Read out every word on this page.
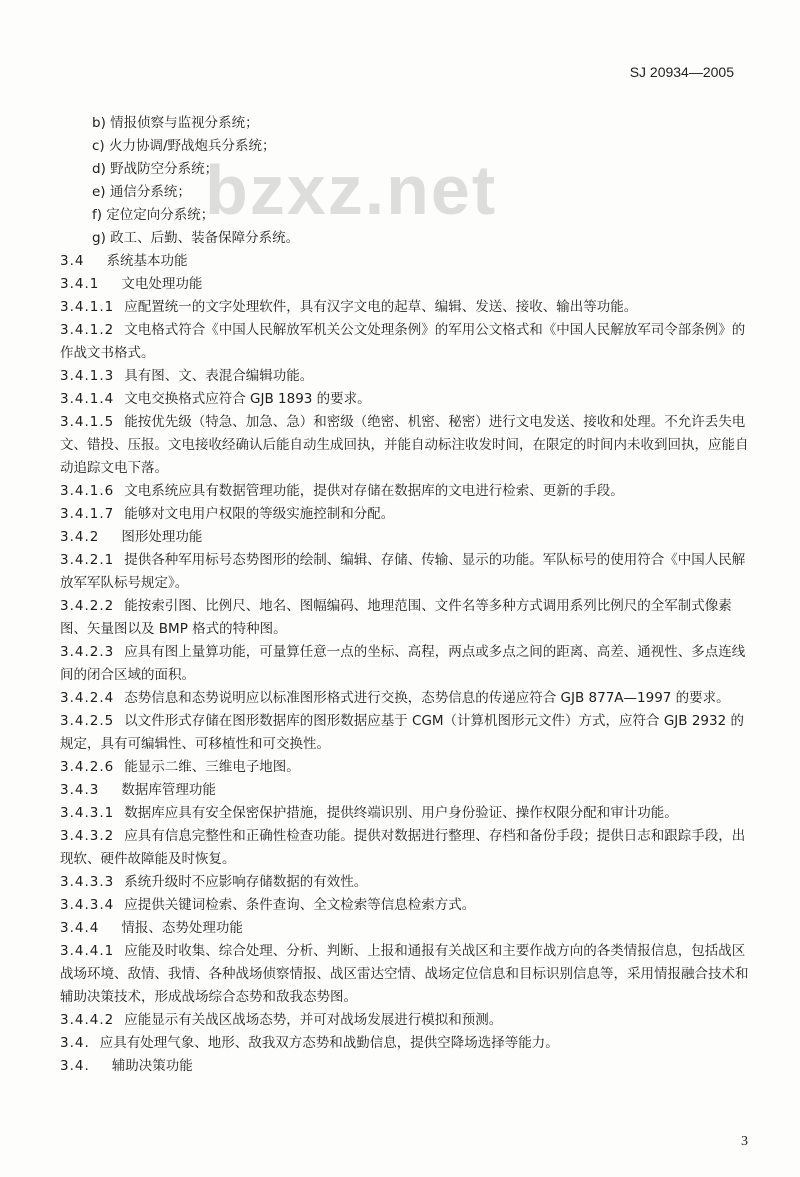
SJ 20934—2005
bzxz.net
b) 情报侦察与监视分系统；
c) 火力协调/野战炮兵分系统；
d) 野战防空分系统；
e) 通信分系统；
f) 定位定向分系统；
g) 政工、后勤、装备保障分系统。
3.4 系统基本功能
3.4.1 文电处理功能
3.4.1.1 应配置统一的文字处理软件，具有汉字文电的起草、编辑、发送、接收、输出等功能。
3.4.1.2 文电格式符合《中国人民解放军机关公文处理条例》的军用公文格式和《中国人民解放军司令部条例》的作战文书格式。
3.4.1.3 具有图、文、表混合编辑功能。
3.4.1.4 文电交换格式应符合 GJB 1893 的要求。
3.4.1.5 能按优先级（特急、加急、急）和密级（绝密、机密、秘密）进行文电发送、接收和处理。不允许丢失电文、错投、压报。文电接收经确认后能自动生成回执，并能自动标注收发时间，在限定的时间内未收到回执，应能自动追踪文电下落。
3.4.1.6 文电系统应具有数据管理功能，提供对存储在数据库的文电进行检索、更新的手段。
3.4.1.7 能够对文电用户权限的等级实施控制和分配。
3.4.2 图形处理功能
3.4.2.1 提供各种军用标号态势图形的绘制、编辑、存储、传输、显示的功能。军队标号的使用符合《中国人民解放军军队标号规定》。
3.4.2.2 能按索引图、比例尺、地名、图幅编码、地理范围、文件名等多种方式调用系列比例尺的全军制式像素图、矢量图以及 BMP 格式的特种图。
3.4.2.3 应具有图上量算功能，可量算任意一点的坐标、高程，两点或多点之间的距离、高差、通视性、多点连线间的闭合区域的面积。
3.4.2.4 态势信息和态势说明应以标准图形格式进行交换，态势信息的传递应符合 GJB 877A—1997 的要求。
3.4.2.5 以文件形式存储在图形数据库的图形数据应基于 CGM（计算机图形元文件）方式，应符合 GJB 2932 的规定，具有可编辑性、可移植性和可交换性。
3.4.2.6 能显示二维、三维电子地图。
3.4.3 数据库管理功能
3.4.3.1 数据库应具有安全保密保护措施，提供终端识别、用户身份验证、操作权限分配和审计功能。
3.4.3.2 应具有信息完整性和正确性检查功能。提供对数据进行整理、存档和备份手段；提供日志和跟踪手段，出现软、硬件故障能及时恢复。
3.4.3.3 系统升级时不应影响存储数据的有效性。
3.4.3.4 应提供关键词检索、条件查询、全文检索等信息检索方式。
3.4.4 情报、态势处理功能
3.4.4.1 应能及时收集、综合处理、分析、判断、上报和通报有关战区和主要作战方向的各类情报信息，包括战区战场环境、敌情、我情、各种战场侦察情报、战区雷达空情、战场定位信息和目标识别信息等，采用情报融合技术和辅助决策技术，形成战场综合态势和敌我态势图。
3.4.4.2 应能显示有关战区战场态势，并可对战场发展进行模拟和预测。
3.4. 应具有处理气象、地形、敌我双方态势和战勤信息，提供空降场选择等能力。
3.4. 辅助决策功能
3
